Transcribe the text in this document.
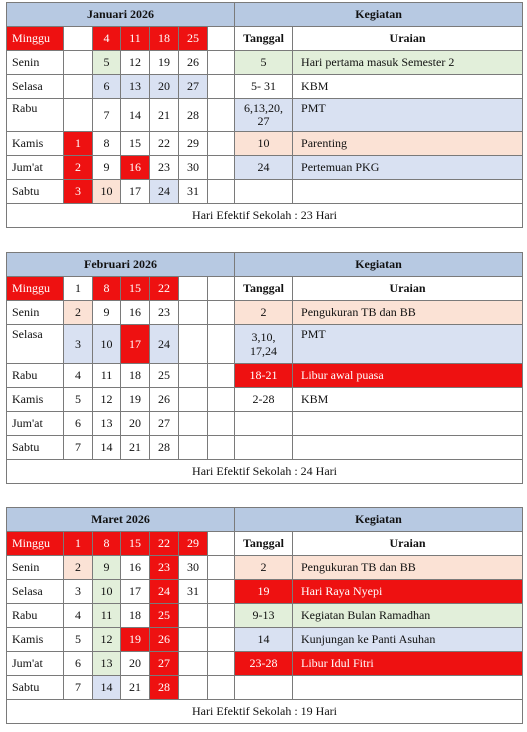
Januari 2026							Kegiatan	
Minggu		4	11	18	25		Tanggal	Uraian
Senin		5	12	19	26		5	Hari pertama masuk Semester 2
Selasa		6	13	20	27		5- 31	KBM
Rabu		7	14	21	28		6,13,20, 27	PMT
Kamis	1	8	15	22	29		10	Parenting
Jum'at	2	9	16	23	30		24	Pertemuan PKG
Sabtu	3	10	17	24	31			
Hari Efektif Sekolah : 23 Hari								
Februari 2026							Kegiatan	
Minggu	1	8	15	22			Tanggal	Uraian
Senin	2	9	16	23			2	Pengukuran TB dan BB
Selasa	3	10	17	24			3,10, 17,24	PMT
Rabu	4	11	18	25			18-21	Libur awal puasa
Kamis	5	12	19	26			2-28	KBM
Jum'at	6	13	20	27				
Sabtu	7	14	21	28				
Hari Efektif Sekolah : 24 Hari								
Maret 2026							Kegiatan	
Minggu	1	8	15	22	29		Tanggal	Uraian
Senin	2	9	16	23	30		2	Pengukuran TB dan BB
Selasa	3	10	17	24	31		19	Hari Raya Nyepi
Rabu	4	11	18	25			9-13	Kegiatan Bulan Ramadhan
Kamis	5	12	19	26			14	Kunjungan ke Panti Asuhan
Jum'at	6	13	20	27			23-28	Libur Idul Fitri
Sabtu	7	14	21	28				
Hari Efektif Sekolah : 19 Hari								
